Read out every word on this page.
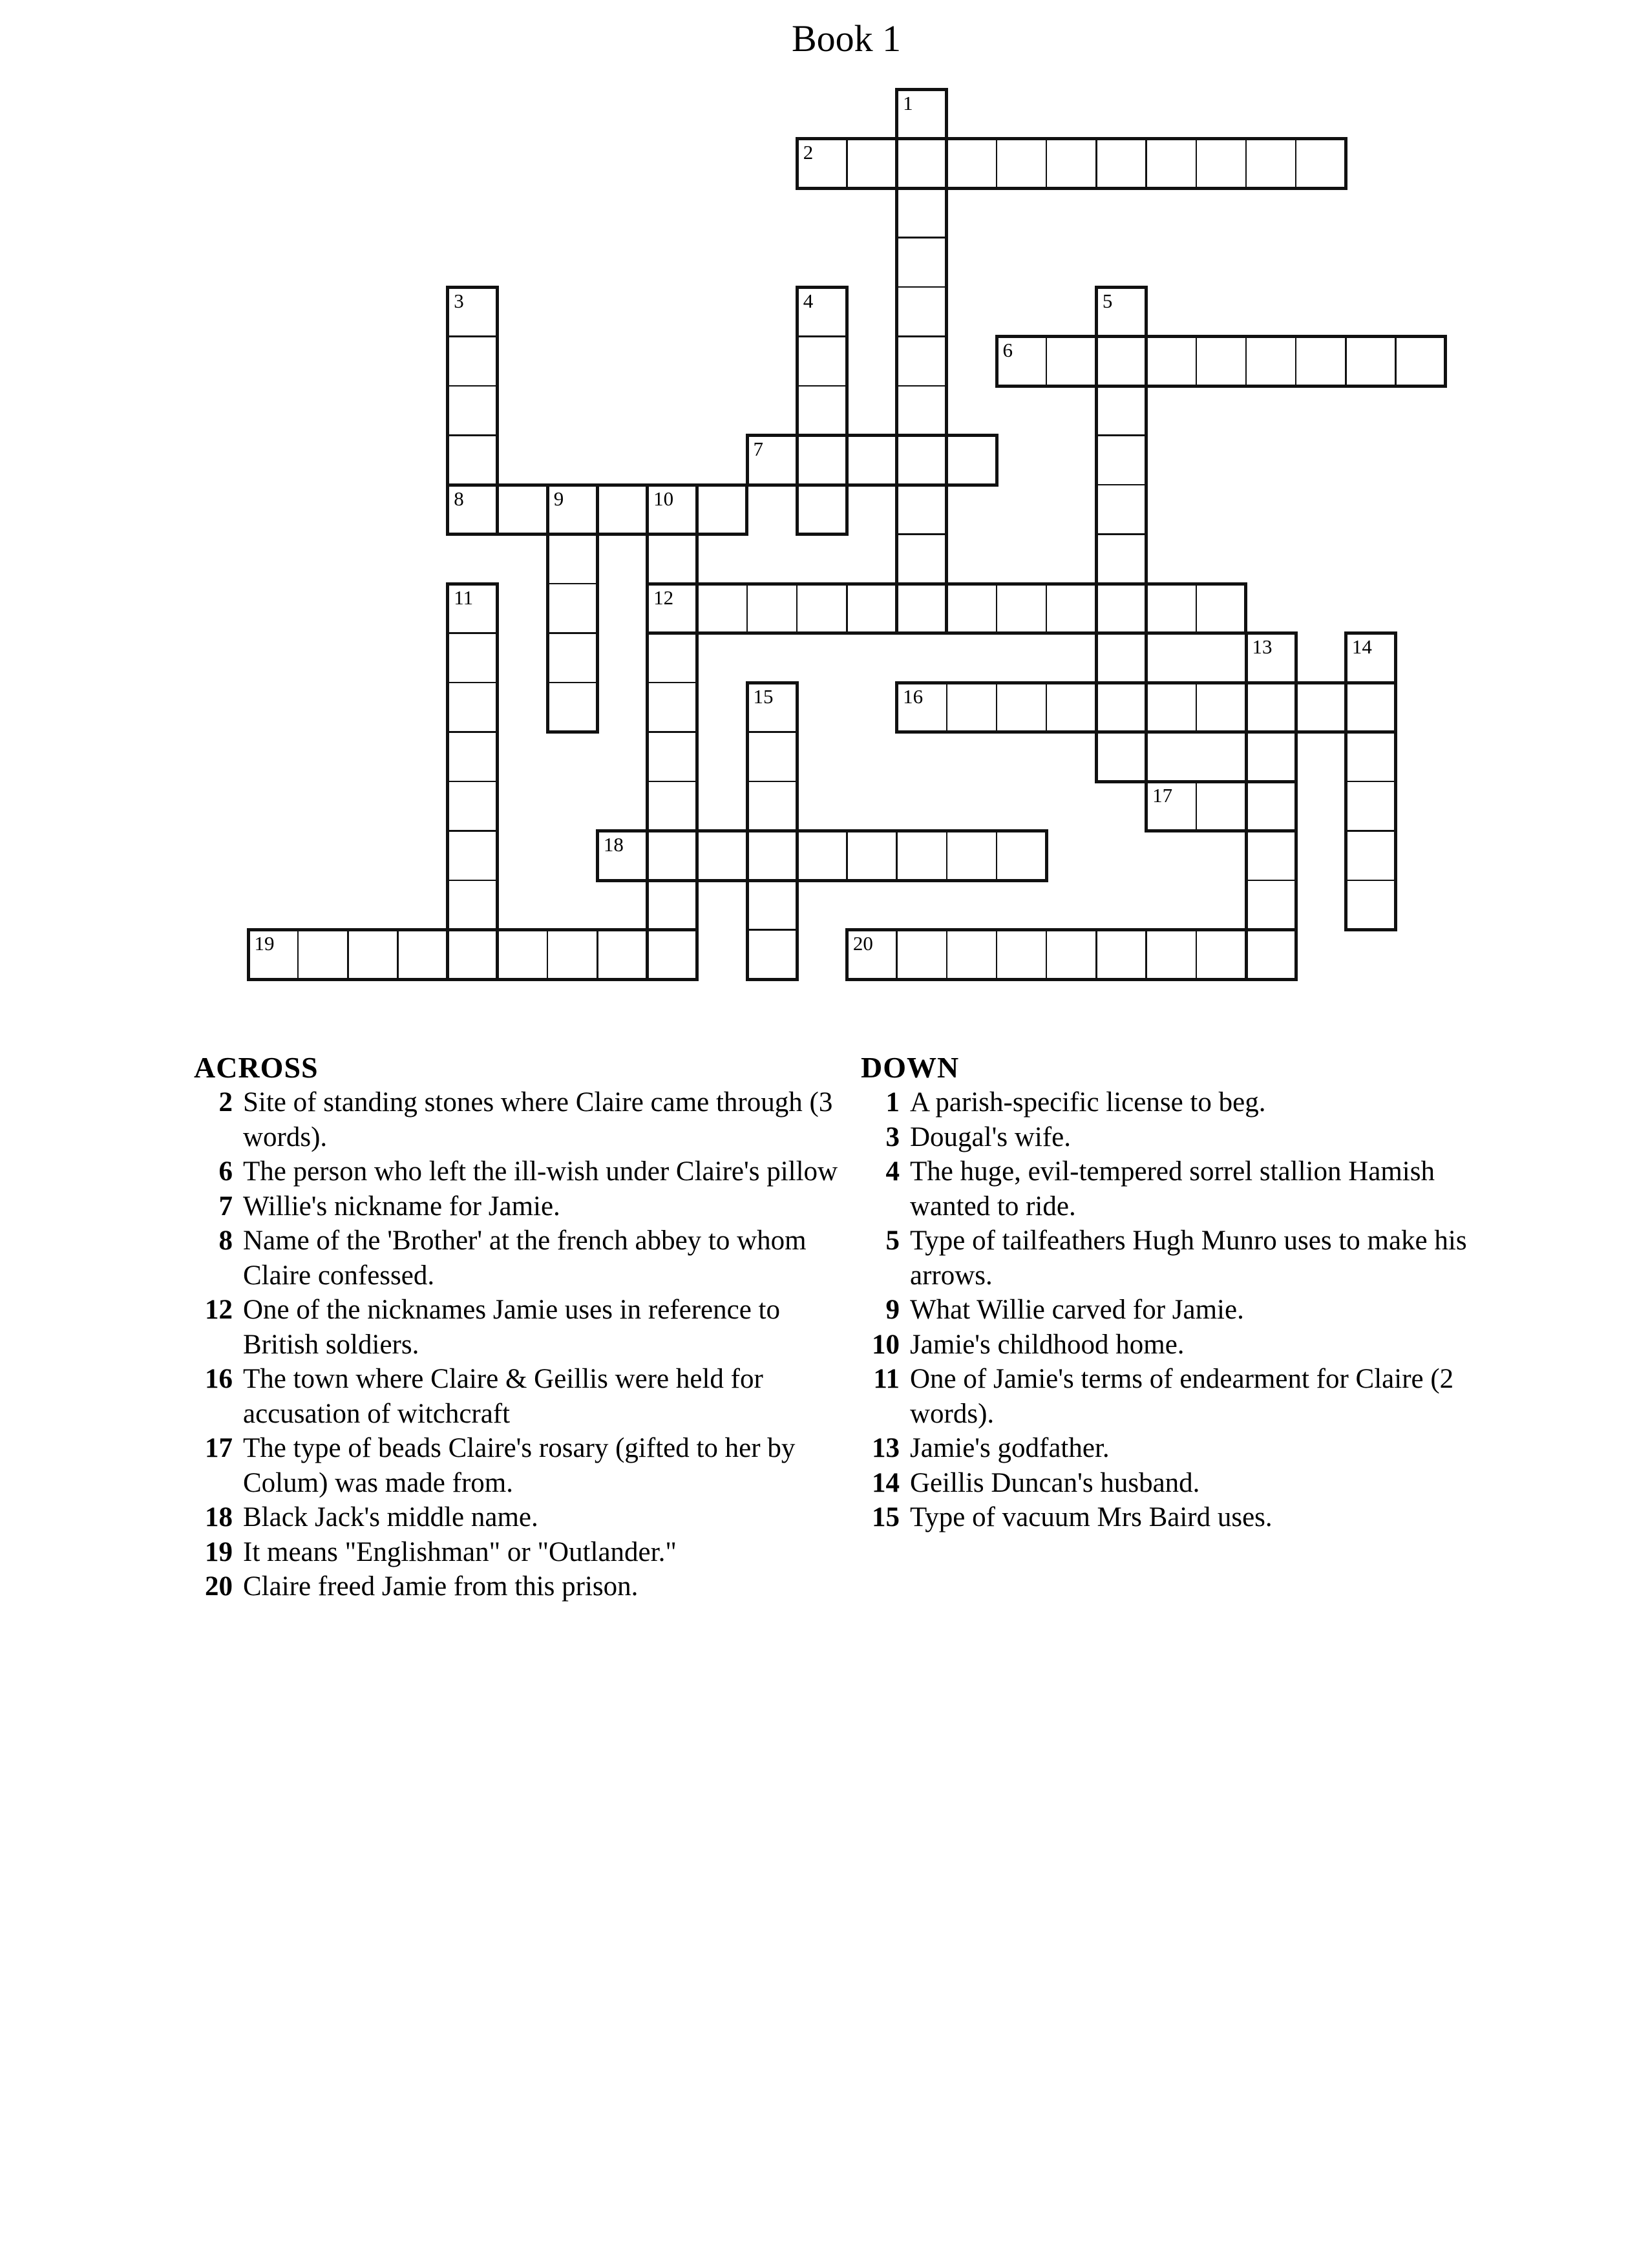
Book 1
2
6
7
8
12
16
17
18
19	20
1
3	4	5
9	10
11
13	14
15
ACROSS
2 Site of standing stones where Claire came through (3 words).
6 The person who left the ill-wish under Claire's pillow
7 Willie's nickname for Jamie.
8 Name of the 'Brother' at the french abbey to whom Claire confessed.
12 One of the nicknames Jamie uses in reference to British soldiers.
16 The town where Claire & Geillis were held for accusation of witchcraft
17 The type of beads Claire's rosary (gifted to her by Colum) was made from.
18 Black Jack's middle name.
19 It means "Englishman" or "Outlander."
20 Claire freed Jamie from this prison.
DOWN
1 A parish-specific license to beg.
3 Dougal's wife.
4 The huge, evil-tempered sorrel stallion Hamish wanted to ride.
5 Type of tailfeathers Hugh Munro uses to make his arrows.
9 What Willie carved for Jamie.
10 Jamie's childhood home.
11 One of Jamie's terms of endearment for Claire (2 words).
13 Jamie's godfather.
14 Geillis Duncan's husband.
15 Type of vacuum Mrs Baird uses.
